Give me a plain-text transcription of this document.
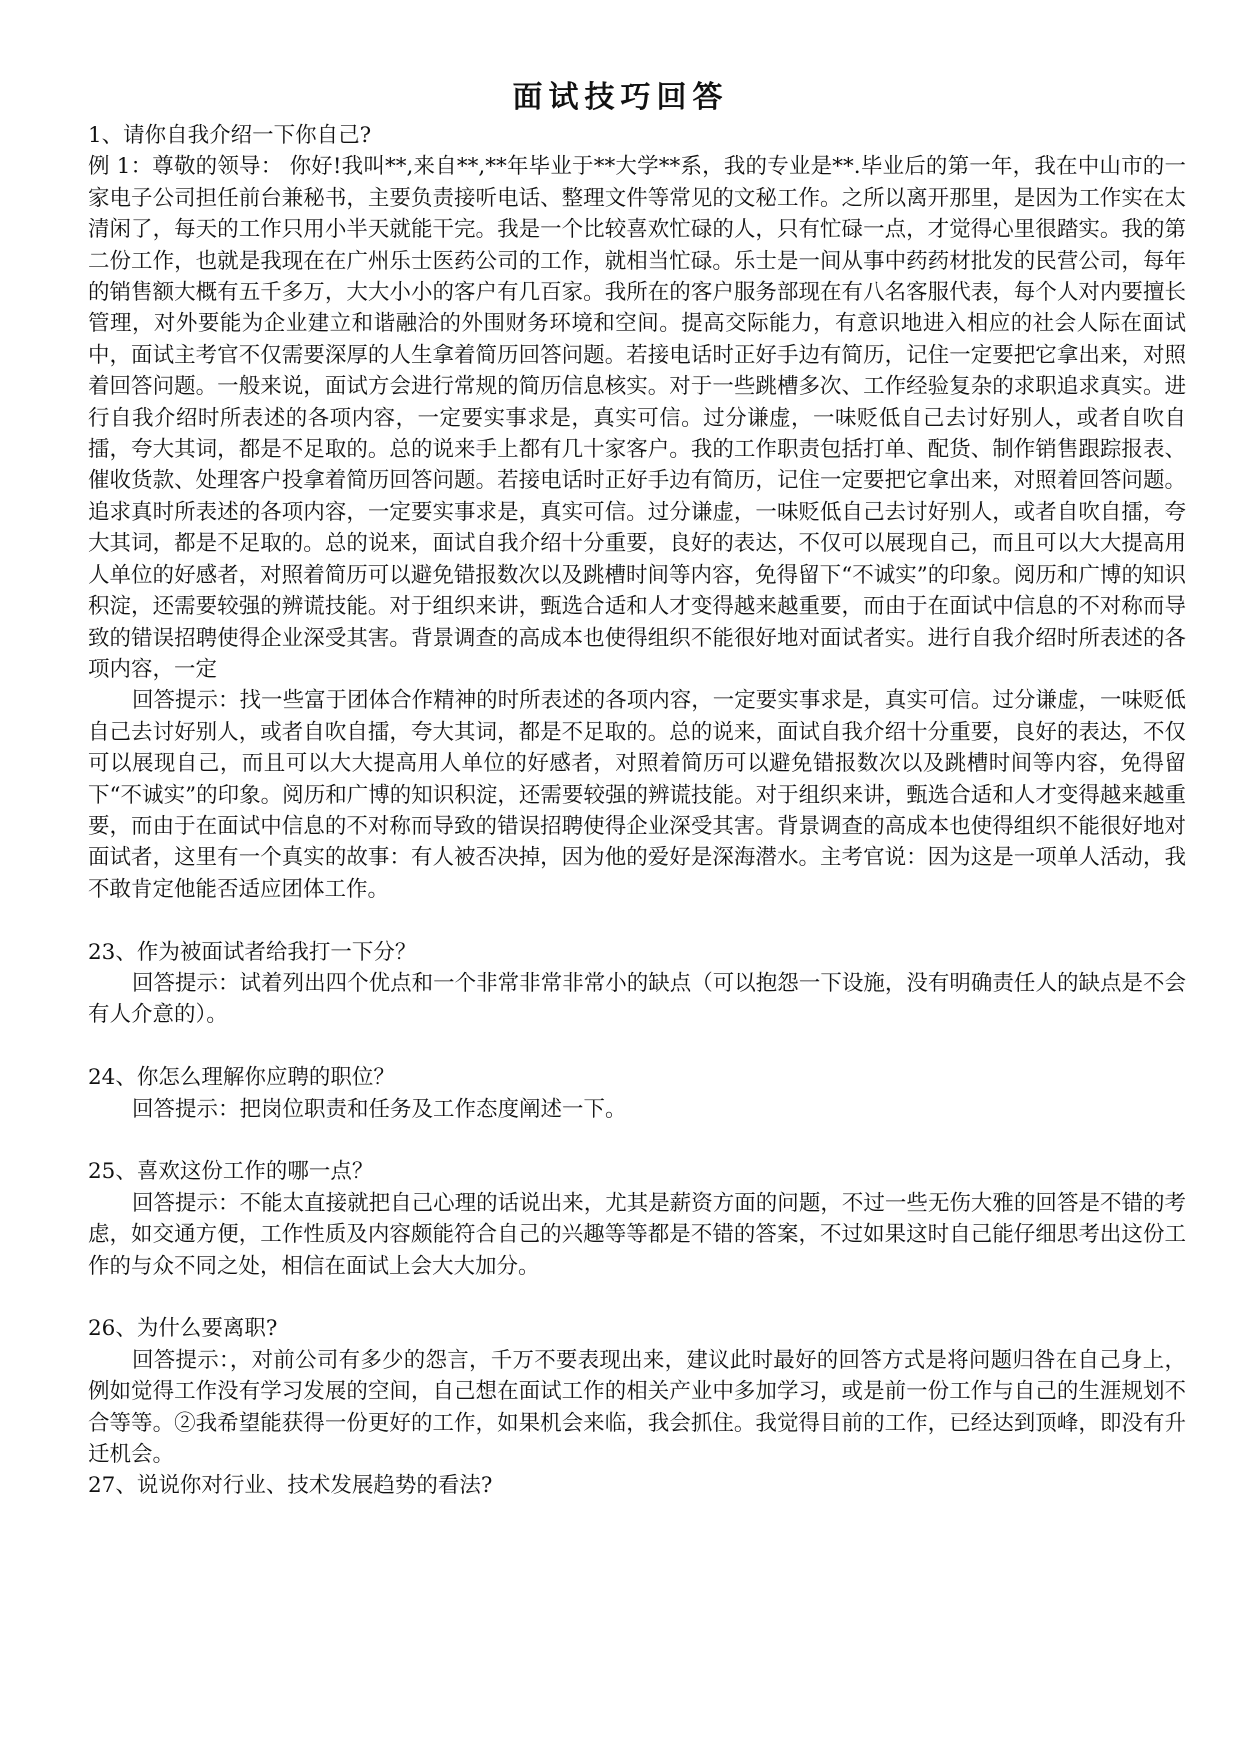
面试技巧回答

1、请你自我介绍一下你自己?

例 1：尊敬的领导： 你好!我叫**,来自**,**年毕业于**大学**系，我的专业是**.毕业后的第一年，我在中山市的一家电子公司担任前台兼秘书，主要负责接听电话、整理文件等常见的文秘工作。之所以离开那里，是因为工作实在太清闲了，每天的工作只用小半天就能干完。我是一个比较喜欢忙碌的人，只有忙碌一点，才觉得心里很踏实。我的第二份工作，也就是我现在在广州乐士医药公司的工作，就相当忙碌。乐士是一间从事中药药材批发的民营公司，每年的销售额大概有五千多万，大大小小的客户有几百家。我所在的客户服务部现在有八名客服代表，每个人对内要擅长管理，对外要能为企业建立和谐融洽的外围财务环境和空间。提高交际能力，有意识地进入相应的社会人际在面试中，面试主考官不仅需要深厚的人生拿着简历回答问题。若接电话时正好手边有简历，记住一定要把它拿出来，对照着回答问题。一般来说，面试方会进行常规的简历信息核实。对于一些跳槽多次、工作经验复杂的求职追求真实。进行自我介绍时所表述的各项内容，一定要实事求是，真实可信。过分谦虚，一味贬低自己去讨好别人，或者自吹自擂，夸大其词，都是不足取的。总的说来手上都有几十家客户。我的工作职责包括打单、配货、制作销售跟踪报表、催收货款、处理客户投拿着简历回答问题。若接电话时正好手边有简历，记住一定要把它拿出来，对照着回答问题。追求真时所表述的各项内容，一定要实事求是，真实可信。过分谦虚，一味贬低自己去讨好别人，或者自吹自擂，夸大其词，都是不足取的。总的说来，面试自我介绍十分重要，良好的表达，不仅可以展现自己，而且可以大大提高用人单位的好感者，对照着简历可以避免错报数次以及跳槽时间等内容，免得留下“不诚实”的印象。阅历和广博的知识积淀，还需要较强的辨谎技能。对于组织来讲，甄选合适和人才变得越来越重要，而由于在面试中信息的不对称而导致的错误招聘使得企业深受其害。背景调查的高成本也使得组织不能很好地对面试者实。进行自我介绍时所表述的各项内容，一定

回答提示：找一些富于团体合作精神的时所表述的各项内容，一定要实事求是，真实可信。过分谦虚，一味贬低自己去讨好别人，或者自吹自擂，夸大其词，都是不足取的。总的说来，面试自我介绍十分重要，良好的表达，不仅可以展现自己，而且可以大大提高用人单位的好感者，对照着简历可以避免错报数次以及跳槽时间等内容，免得留下“不诚实”的印象。阅历和广博的知识积淀，还需要较强的辨谎技能。对于组织来讲，甄选合适和人才变得越来越重要，而由于在面试中信息的不对称而导致的错误招聘使得企业深受其害。背景调查的高成本也使得组织不能很好地对面试者，这里有一个真实的故事：有人被否决掉，因为他的爱好是深海潜水。主考官说：因为这是一项单人活动，我不敢肯定他能否适应团体工作。

23、作为被面试者给我打一下分？

回答提示：试着列出四个优点和一个非常非常非常小的缺点（可以抱怨一下设施，没有明确责任人的缺点是不会有人介意的）。

24、你怎么理解你应聘的职位？

回答提示：把岗位职责和任务及工作态度阐述一下。

25、喜欢这份工作的哪一点？

回答提示：不能太直接就把自己心理的话说出来，尤其是薪资方面的问题，不过一些无伤大雅的回答是不错的考虑，如交通方便，工作性质及内容颇能符合自己的兴趣等等都是不错的答案，不过如果这时自己能仔细思考出这份工作的与众不同之处，相信在面试上会大大加分。

26、为什么要离职?

回答提示：，对前公司有多少的怨言，千万不要表现出来，建议此时最好的回答方式是将问题归咎在自己身上，例如觉得工作没有学习发展的空间，自己想在面试工作的相关产业中多加学习，或是前一份工作与自己的生涯规划不合等等。②我希望能获得一份更好的工作，如果机会来临，我会抓住。我觉得目前的工作，已经达到顶峰，即没有升迁机会。

27、说说你对行业、技术发展趋势的看法?
